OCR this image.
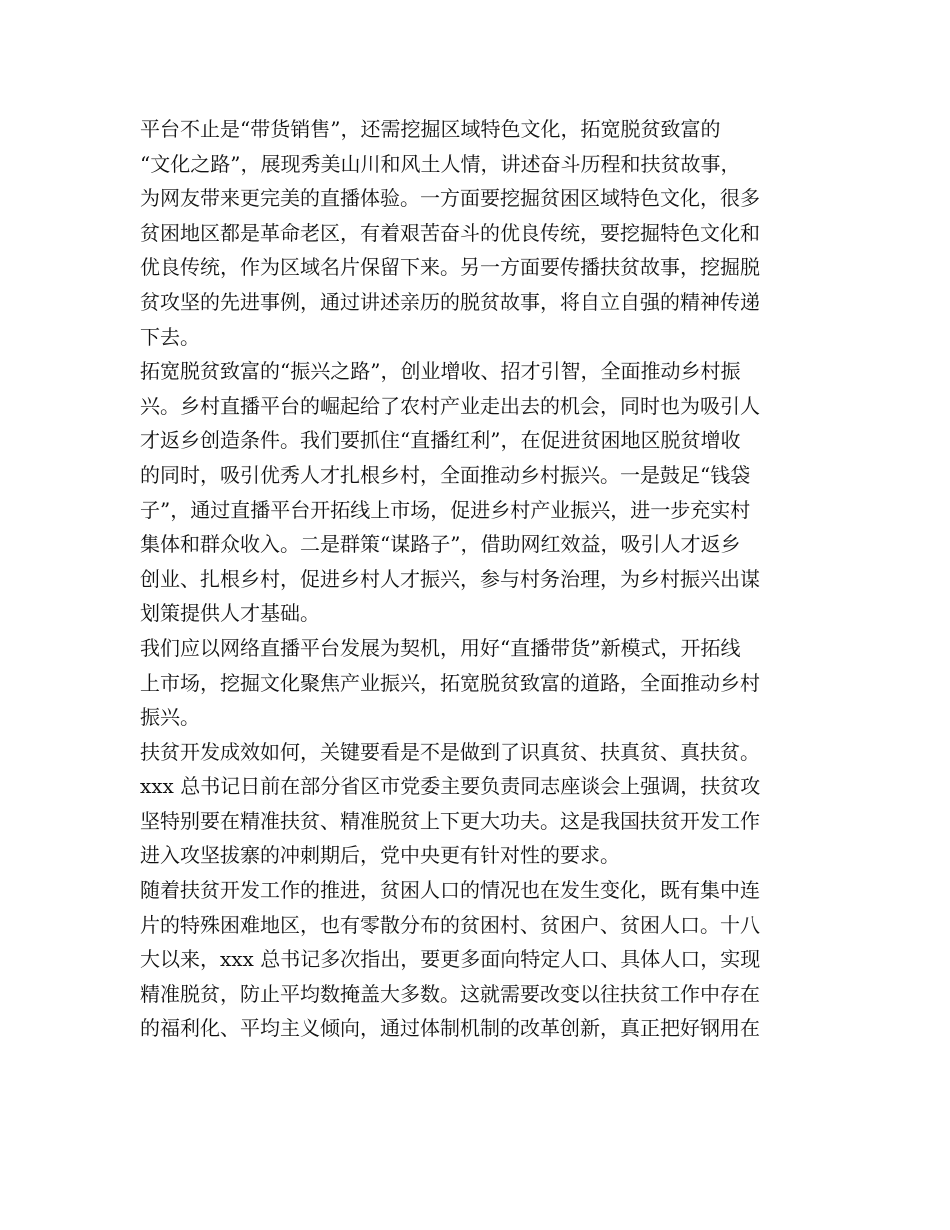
平台不止是“带货销售”，还需挖掘区域特色文化，拓宽脱贫致富的
“文化之路”，展现秀美山川和风土人情，讲述奋斗历程和扶贫故事，
为网友带来更完美的直播体验。一方面要挖掘贫困区域特色文化，很多
贫困地区都是革命老区，有着艰苦奋斗的优良传统，要挖掘特色文化和
优良传统，作为区域名片保留下来。另一方面要传播扶贫故事，挖掘脱
贫攻坚的先进事例，通过讲述亲历的脱贫故事，将自立自强的精神传递
下去。
拓宽脱贫致富的“振兴之路”，创业增收、招才引智，全面推动乡村振
兴。乡村直播平台的崛起给了农村产业走出去的机会，同时也为吸引人
才返乡创造条件。我们要抓住“直播红利”，在促进贫困地区脱贫增收
的同时，吸引优秀人才扎根乡村，全面推动乡村振兴。一是鼓足“钱袋
子”，通过直播平台开拓线上市场，促进乡村产业振兴，进一步充实村
集体和群众收入。二是群策“谋路子”，借助网红效益，吸引人才返乡
创业、扎根乡村，促进乡村人才振兴，参与村务治理，为乡村振兴出谋
划策提供人才基础。
我们应以网络直播平台发展为契机，用好“直播带货”新模式，开拓线
上市场，挖掘文化聚焦产业振兴，拓宽脱贫致富的道路，全面推动乡村
振兴。
扶贫开发成效如何，关键要看是不是做到了识真贫、扶真贫、真扶贫。
xxx 总书记日前在部分省区市党委主要负责同志座谈会上强调，扶贫攻
坚特别要在精准扶贫、精准脱贫上下更大功夫。这是我国扶贫开发工作
进入攻坚拔寨的冲刺期后，党中央更有针对性的要求。
随着扶贫开发工作的推进，贫困人口的情况也在发生变化，既有集中连
片的特殊困难地区，也有零散分布的贫困村、贫困户、贫困人口。十八
大以来，xxx 总书记多次指出，要更多面向特定人口、具体人口，实现
精准脱贫，防止平均数掩盖大多数。这就需要改变以往扶贫工作中存在
的福利化、平均主义倾向，通过体制机制的改革创新，真正把好钢用在
